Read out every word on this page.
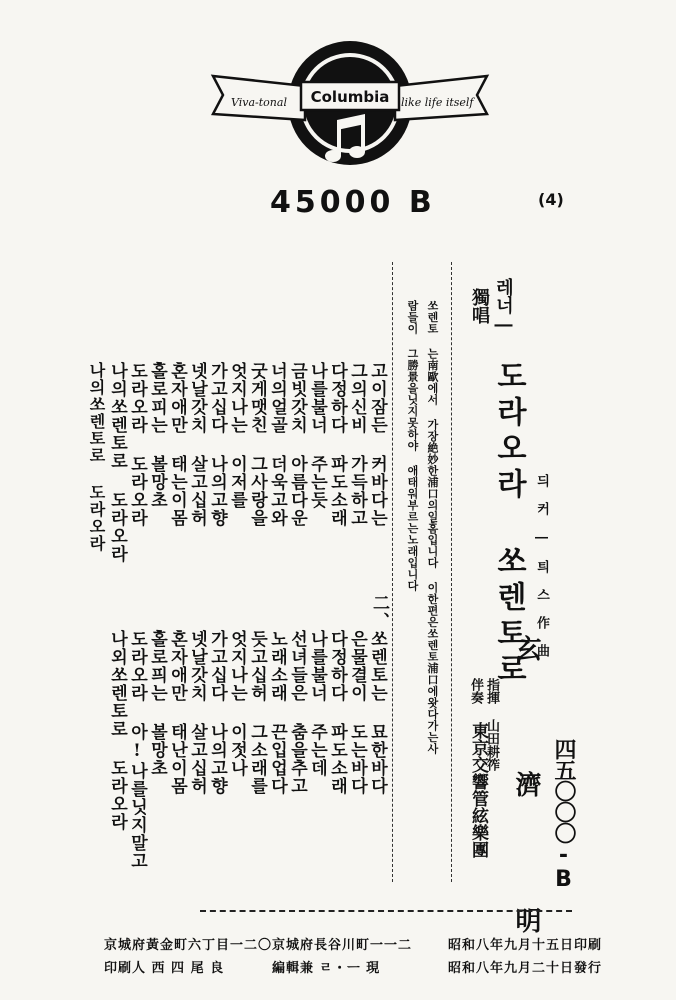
Viva-tonal Columbia like life itself
45000 B	(4)
四五〇〇〇-B
玄 濟 明
듸 커 ― 틔 스 作 曲
도라오라 쏘렌토로
레너―
獨唱
指揮 山田耕筰
伴奏
東京交響管絃樂團
쏘렌토 는南歐에서 가장絶妙한浦口의일홈입니다 이한편은쏘렌토浦口에왓다가는사
람들이 그勝景을닛지못하야 애태워부르는노래입니다
고이잠든 커바다는
그의신비 가득하고
다정하다 파도소래
나를불너 주는듯
금빗갓치 아름다운
너의얼골 더욱고와
굿게맷친 그사랑을
엇지나는 이저를
가고십다 나의고향
넷날갓치 살고십허
혼자애만 태는이몸
홀로피는 볼망초
도라오라 도라오라
나의쏘렌토로 도라오라
나의쏘렌토로 도라오라
二、
쏘렌토는 묘한바다
은물결이 도는바다
다정하다 파도소래
나를불너 주는데
선녀들은 춤을추고
노래소래 끈입업다
듯고십허 그소래를
엇지나는 이젓나
가고십다 나의고향
넷날갓치 살고십허
혼자애만 태난이몸
홀로픠는 볼망초
도라오라 아!나를닛지말고
나외쏘렌토로 도라오라
昭和八年九月十五日印刷
昭和八年九月二十日發行
京城府長谷川町一一二
編輯兼 ㄹ・ㅡ 現
京城府黃金町六丁目一二〇
印刷人 西 四 尾 良
